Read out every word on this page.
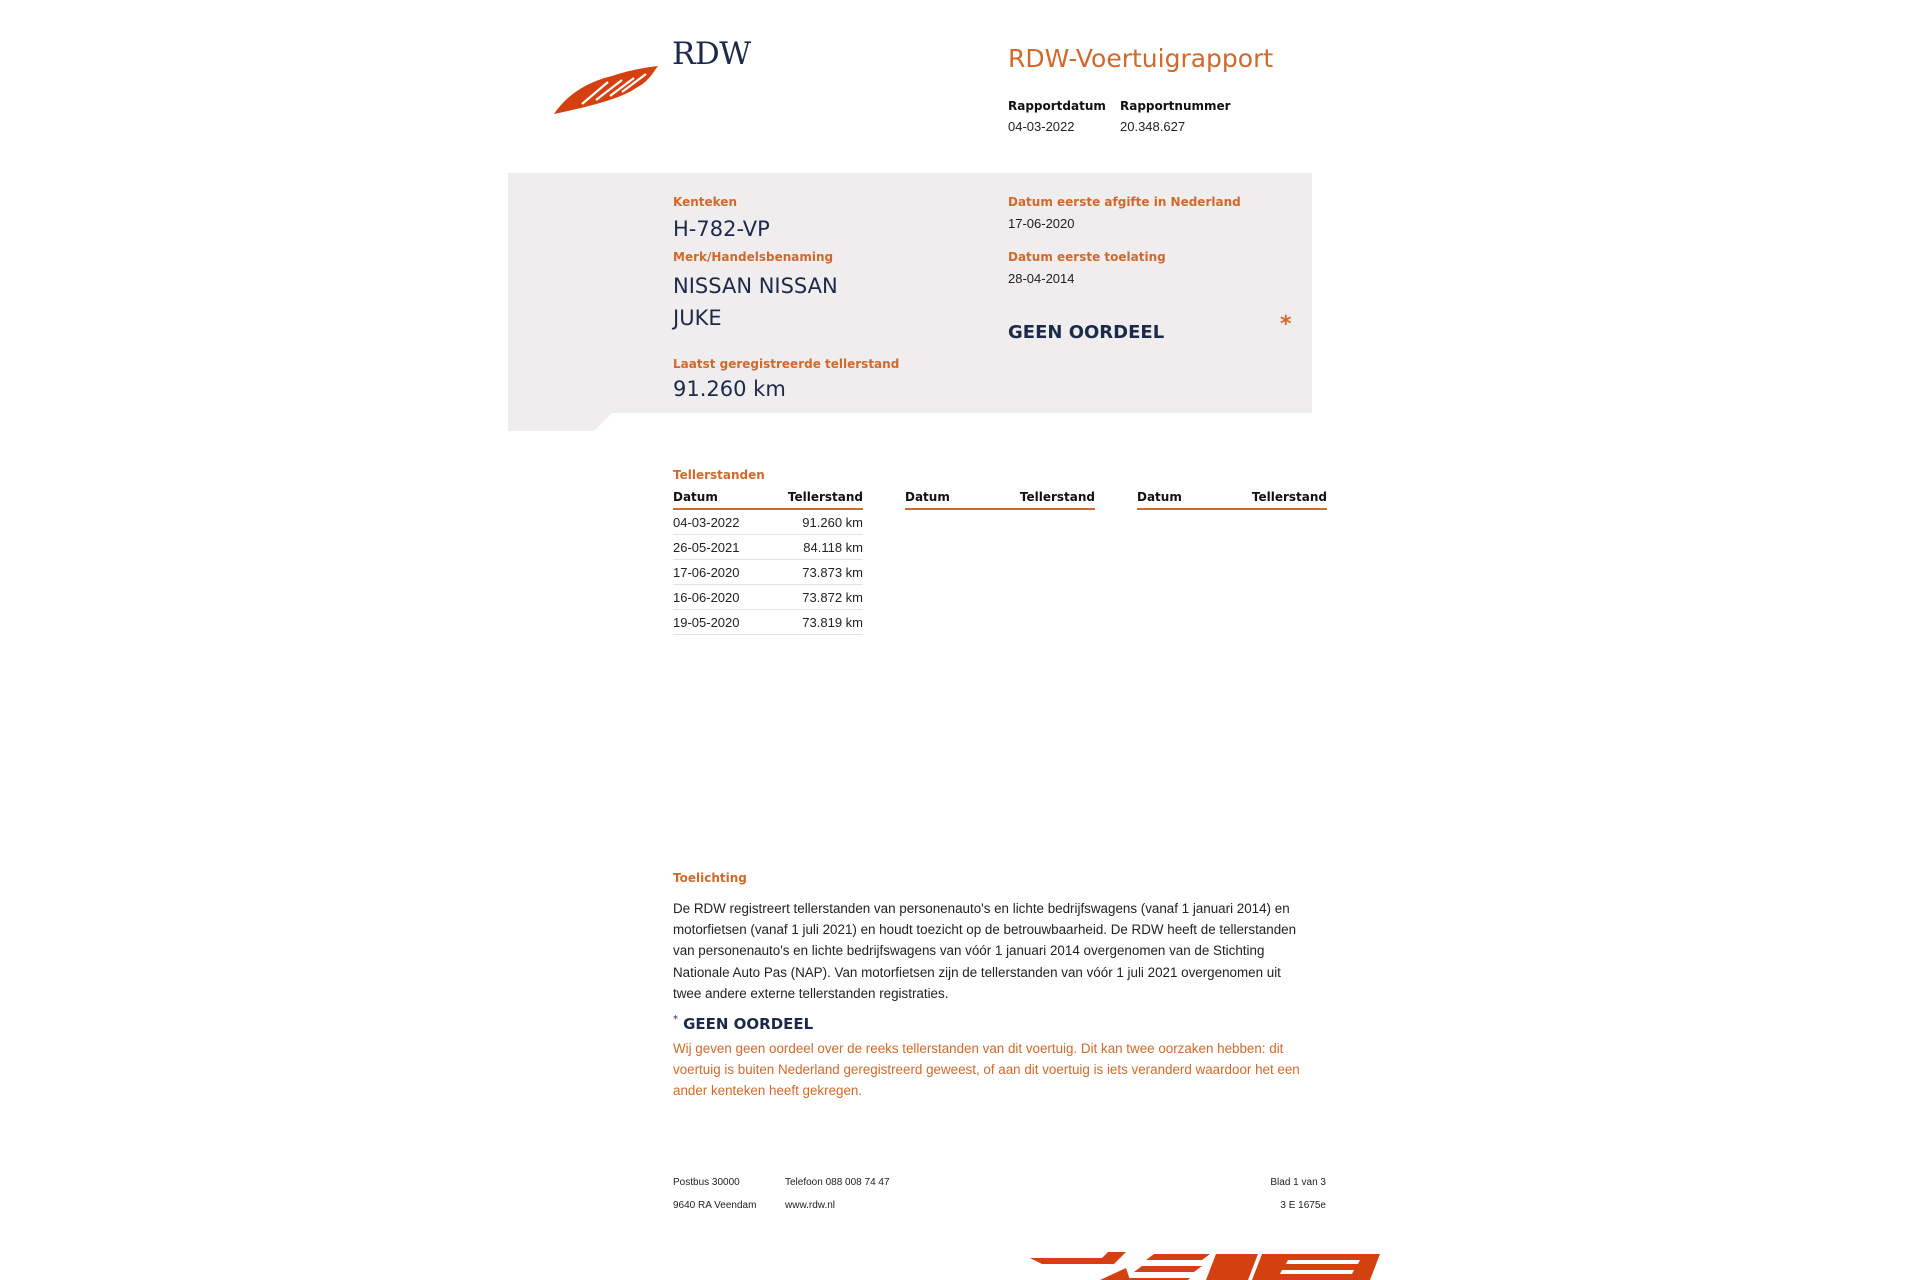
RDW	RDW-Voertuigrapport
Rapportdatum
04-03-2022
Rapportnummer
20.348.627
Kenteken
H-782-VP
Merk/Handelsbenaming
NISSAN NISSAN
JUKE
Laatst geregistreerde tellerstand
91.260 km
Datum eerste afgifte in Nederland
17-06-2020
Datum eerste toelating
28-04-2014
GEEN OORDEEL	*
Tellerstanden
Datum	Tellerstand
04-03-2022	91.260 km
26-05-2021	84.118 km
17-06-2020	73.873 km
16-06-2020	73.872 km
19-05-2020	73.819 km
Datum	Tellerstand	Datum	Tellerstand
Toelichting
De RDW registreert tellerstanden van personenauto's en lichte bedrijfswagens (vanaf 1 januari 2014) en
motorfietsen (vanaf 1 juli 2021) en houdt toezicht op de betrouwbaarheid. De RDW heeft de tellerstanden
van personenauto's en lichte bedrijfswagens van vóór 1 januari 2014 overgenomen van de Stichting
Nationale Auto Pas (NAP). Van motorfietsen zijn de tellerstanden van vóór 1 juli 2021 overgenomen uit
twee andere externe tellerstanden registraties.
* GEEN OORDEEL
Wij geven geen oordeel over de reeks tellerstanden van dit voertuig. Dit kan twee oorzaken hebben: dit
voertuig is buiten Nederland geregistreerd geweest, of aan dit voertuig is iets veranderd waardoor het een
ander kenteken heeft gekregen.
Postbus 30000
9640 RA Veendam
Telefoon 088 008 74 47
www.rdw.nl
Blad 1 van 3
3 E 1675e
